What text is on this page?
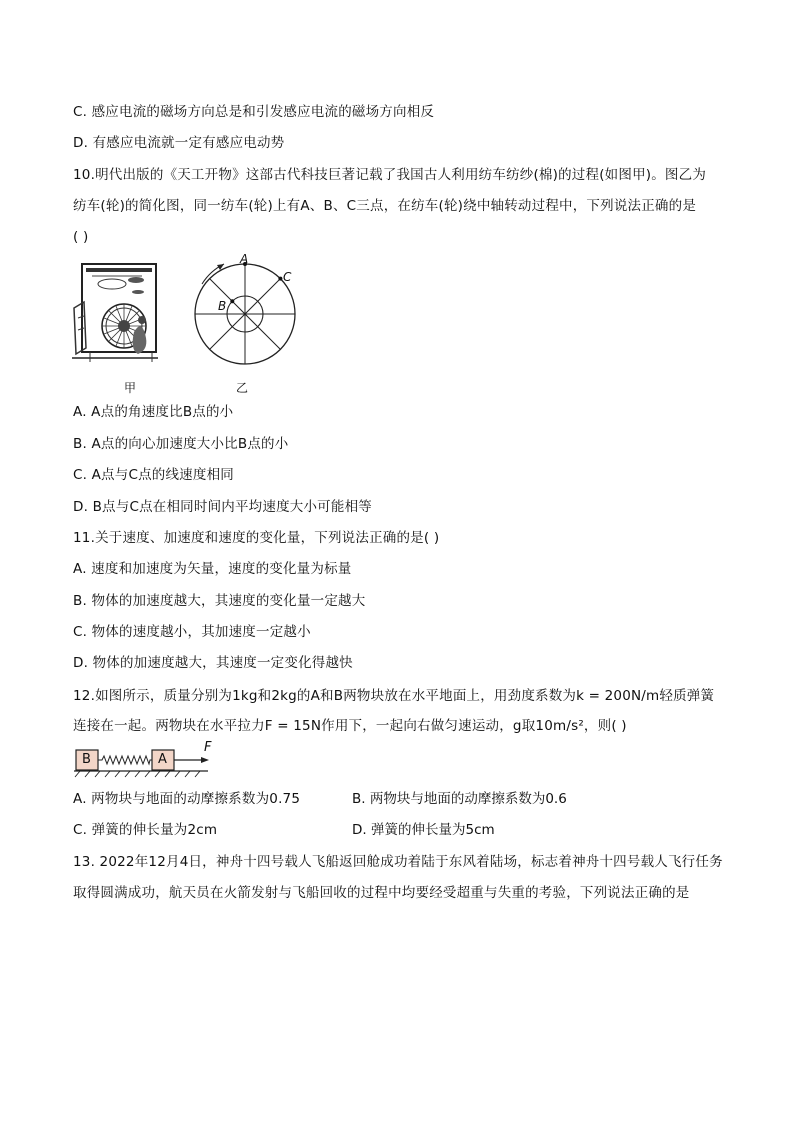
C. 感应电流的磁场方向总是和引发感应电流的磁场方向相反
D. 有感应电流就一定有感应电动势
10.明代出版的《天工开物》这部古代科技巨著记载了我国古人利用纺车纺纱(棉)的过程(如图甲)。图乙为
纺车(轮)的简化图，同一纺车(轮)上有A、B、C三点，在纺车(轮)绕中轴转动过程中，下列说法正确的是
( )
甲
A
C
B
乙
A. A点的角速度比B点的小
B. A点的向心加速度大小比B点的小
C. A点与C点的线速度相同
D. B点与C点在相同时间内平均速度大小可能相等
11.关于速度、加速度和速度的变化量，下列说法正确的是( )
A. 速度和加速度为矢量，速度的变化量为标量
B. 物体的加速度越大，其速度的变化量一定越大
C. 物体的速度越小，其加速度一定越小
D. 物体的加速度越大，其速度一定变化得越快
12.如图所示，质量分别为1kg和2kg的A和B两物块放在水平地面上，用劲度系数为k = 200N/m轻质弹簧
连接在一起。两物块在水平拉力F = 15N作用下，一起向右做匀速运动，g取10m/s²，则( )
B	A
F
A. 两物块与地面的动摩擦系数为0.75	B. 两物块与地面的动摩擦系数为0.6
C. 弹簧的伸长量为2cm	D. 弹簧的伸长量为5cm
13. 2022年12月4日，神舟十四号载人飞船返回舱成功着陆于东风着陆场，标志着神舟十四号载人飞行任务
取得圆满成功，航天员在火箭发射与飞船回收的过程中均要经受超重与失重的考验，下列说法正确的是
